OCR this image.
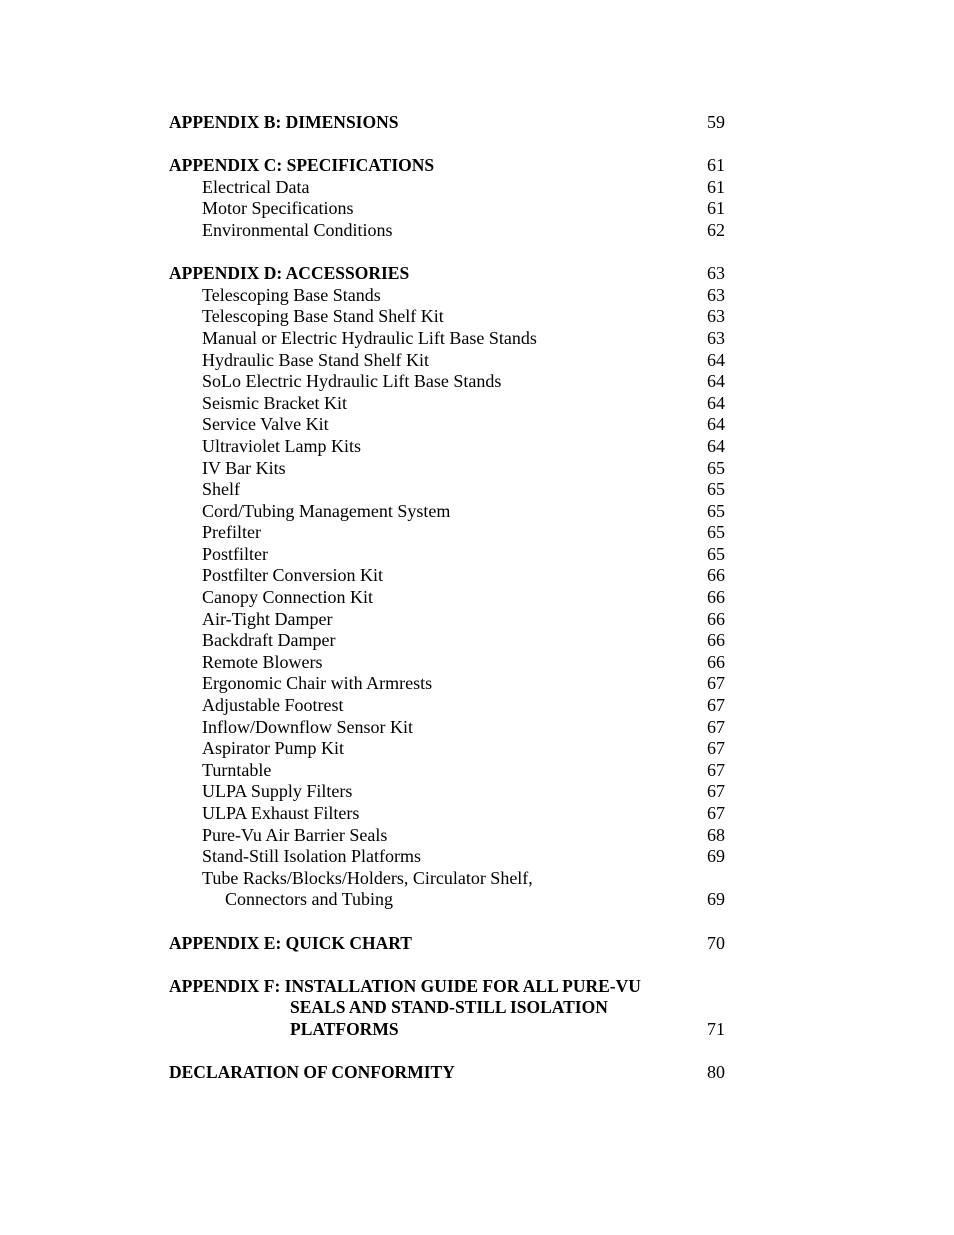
APPENDIX B: DIMENSIONS	59
APPENDIX C: SPECIFICATIONS	61
Electrical Data	61
Motor Specifications	61
Environmental Conditions	62
APPENDIX D: ACCESSORIES	63
Telescoping Base Stands	63
Telescoping Base Stand Shelf Kit	63
Manual or Electric Hydraulic Lift Base Stands	63
Hydraulic Base Stand Shelf Kit	64
SoLo Electric Hydraulic Lift Base Stands	64
Seismic Bracket Kit	64
Service Valve Kit	64
Ultraviolet Lamp Kits	64
IV Bar Kits	65
Shelf	65
Cord/Tubing Management System	65
Prefilter	65
Postfilter	65
Postfilter Conversion Kit	66
Canopy Connection Kit	66
Air-Tight Damper	66
Backdraft Damper	66
Remote Blowers	66
Ergonomic Chair with Armrests	67
Adjustable Footrest	67
Inflow/Downflow Sensor Kit	67
Aspirator Pump Kit	67
Turntable	67
ULPA Supply Filters	67
ULPA Exhaust Filters	67
Pure-Vu Air Barrier Seals	68
Stand-Still Isolation Platforms	69
Tube Racks/Blocks/Holders, Circulator Shelf,
Connectors and Tubing	69
APPENDIX E: QUICK CHART	70
APPENDIX F: INSTALLATION GUIDE FOR ALL PURE-VU
SEALS AND STAND-STILL ISOLATION
PLATFORMS	71
DECLARATION OF CONFORMITY	80
